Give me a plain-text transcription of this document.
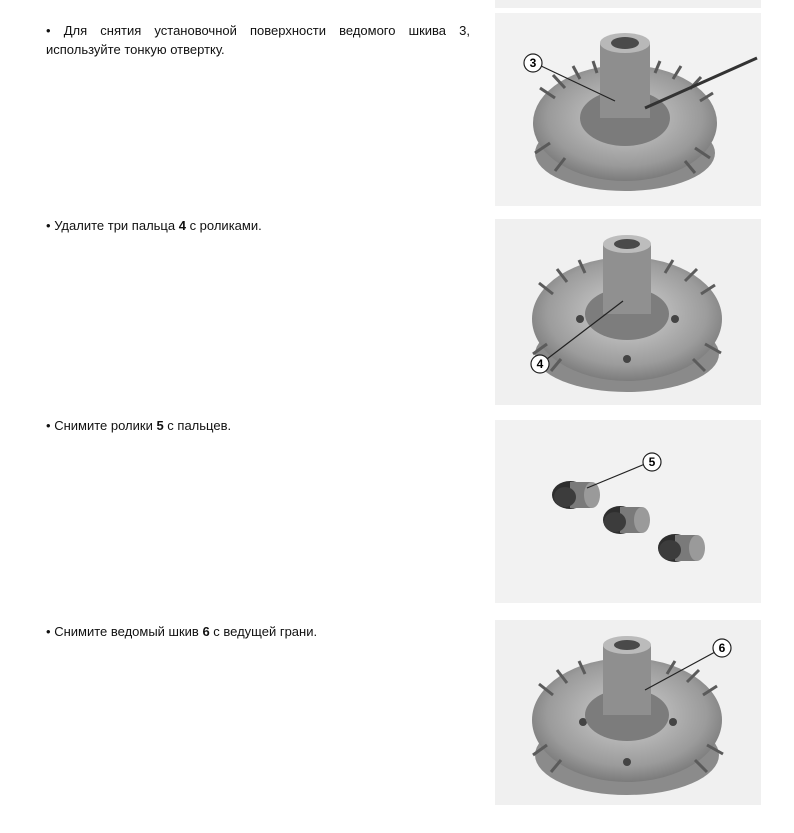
• Для снятия установочной поверхности ведомого шкива 3, используйте тонкую отвертку.
3
• Удалите три пальца 4 с роликами.
4
• Снимите ролики 5 с пальцев.
5
• Снимите ведомый шкив 6 с ведущей грани.
6
